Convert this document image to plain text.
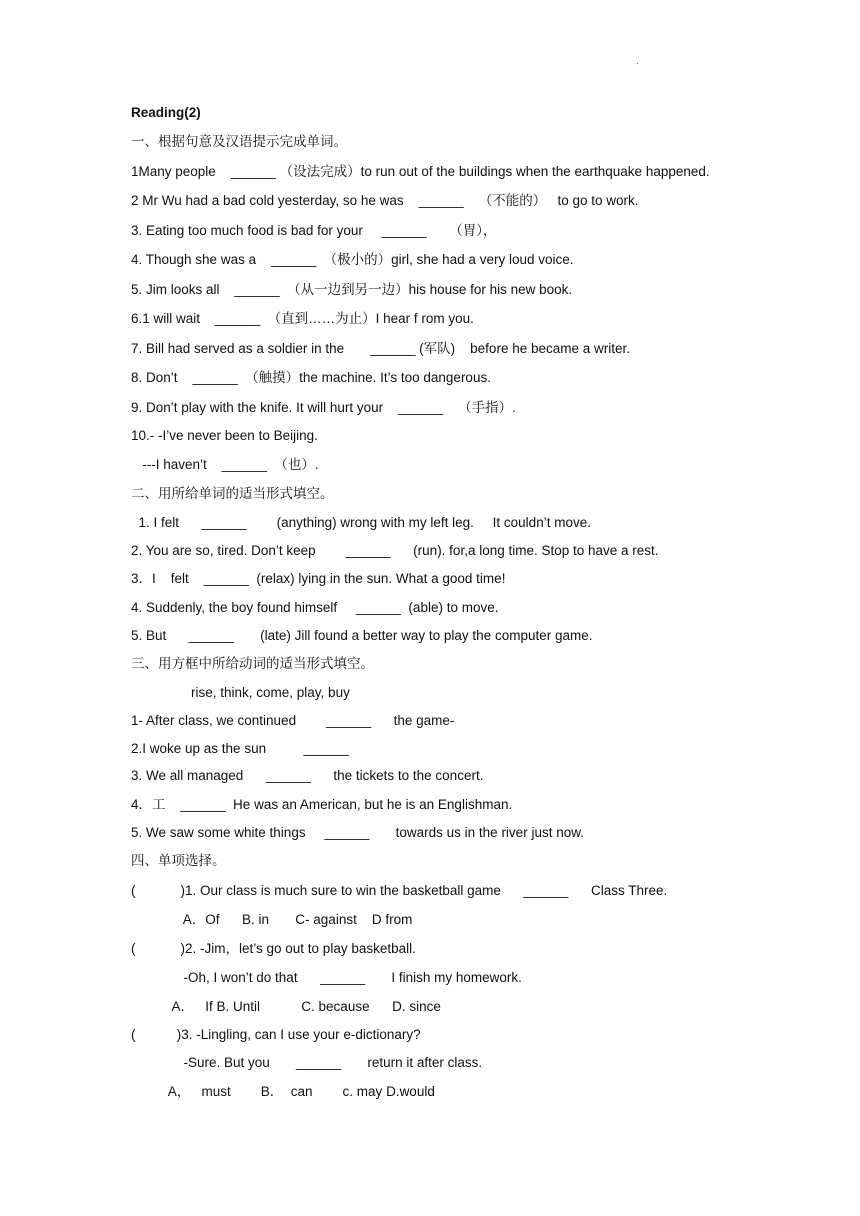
.
Reading(2)
一、根据句意及汉语提示完成单词。
1Many people    ______ （设法完成）to run out of the buildings when the earthquake happened.
2 Mr Wu had a bad cold yesterday, so he was    ______    （不能的）   to go to work.
3. Eating too much food is bad for your     ______      （胃），
4. Though she was a    ______  （极小的）girl, she had a very loud voice.
5. Jim looks all    ______  （从一边到另一边）his house for his new book.
6.1 will wait    ______  （直到……为止）I hear f rom you.
7. Bill had served as a soldier in the       ______ (军队)    before he became a writer.
8. Don’t    ______  （触摸）the machine. It’s too dangerous.
9. Don’t play with the knife. It will hurt your    ______    （手指）.
10.- -I’ve never been to Beijing.
---I haven’t    ______  （也）.
二、用所给单词的适当形式填空。
1. I felt      ______        (anything) wrong with my left leg.     It couldn’t move.
2. You are so, tired. Don’t keep        ______      (run). for,a long time. Stop to have a rest.
3．I    felt    ______  (relax) lying in the sun. What a good time!
4. Suddenly, the boy found himself     ______  (able) to move.
5. But      ______       (late) Jill found a better way to play the computer game.
三、用方框中所给动词的适当形式填空。
rise, think, come, play, buy
1- After class, we continued        ______      the game-
2.I woke up as the sun          ______
3. We all managed      ______      the tickets to the concert.
4．工    ______  He was an American, but he is an Englishman.
5. We saw some white things     ______       towards us in the river just now.
四、单项选择。
(            )1. Our class is much sure to win the basketball game      ______      Class Three.
A．Of      B. in       C- against    D from
(            )2. -Jim，let’s go out to play basketball.
-Oh, I won’t do that      ______       I finish my homework.
A．   If B. Until           C. because      D. since
(           )3. -Lingling, can I use your e-dictionary?
-Sure. But you       ______       return it after class.
A，   must        B．  can        c. may D.would
